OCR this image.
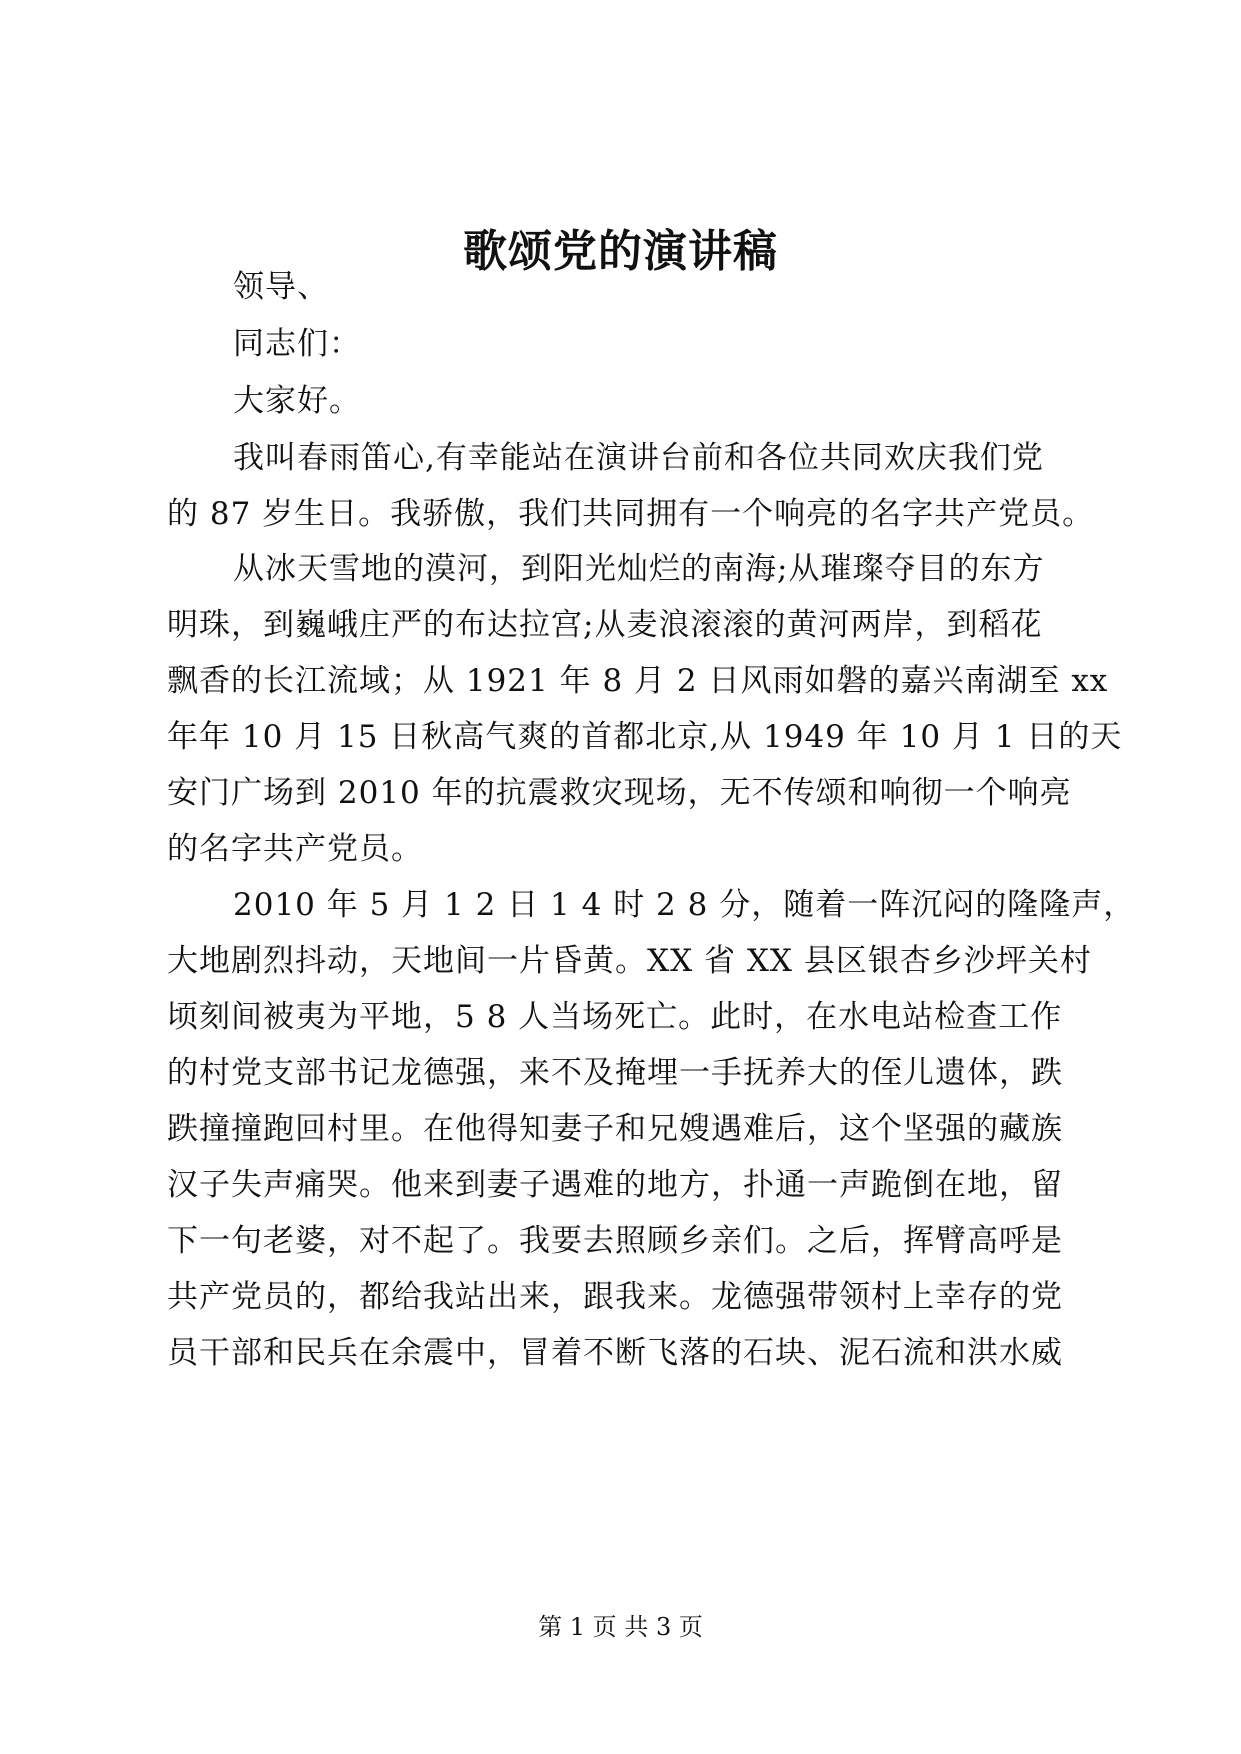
歌颂党的演讲稿
领导、
同志们：
大家好。
我叫春雨笛心,有幸能站在演讲台前和各位共同欢庆我们党
的 87 岁生日。我骄傲，我们共同拥有一个响亮的名字共产党员。
从冰天雪地的漠河，到阳光灿烂的南海;从璀璨夺目的东方
明珠，到巍峨庄严的布达拉宫;从麦浪滚滚的黄河两岸，到稻花
飘香的长江流域；从 1921 年 8 月 2 日风雨如磐的嘉兴南湖至 xx
年年 10 月 15 日秋高气爽的首都北京,从 1949 年 10 月 1 日的天
安门广场到 2010 年的抗震救灾现场，无不传颂和响彻一个响亮
的名字共产党员。
2010 年 5 月 1 2 日 1 4 时 2 8 分，随着一阵沉闷的隆隆声，
大地剧烈抖动，天地间一片昏黄。XX 省 XX 县区银杏乡沙坪关村
顷刻间被夷为平地，5 8 人当场死亡。此时，在水电站检查工作
的村党支部书记龙德强，来不及掩埋一手抚养大的侄儿遗体，跌
跌撞撞跑回村里。在他得知妻子和兄嫂遇难后，这个坚强的藏族
汉子失声痛哭。他来到妻子遇难的地方，扑通一声跪倒在地，留
下一句老婆，对不起了。我要去照顾乡亲们。之后，挥臂高呼是
共产党员的，都给我站出来，跟我来。龙德强带领村上幸存的党
员干部和民兵在余震中，冒着不断飞落的石块、泥石流和洪水威
第 1 页 共 3 页
